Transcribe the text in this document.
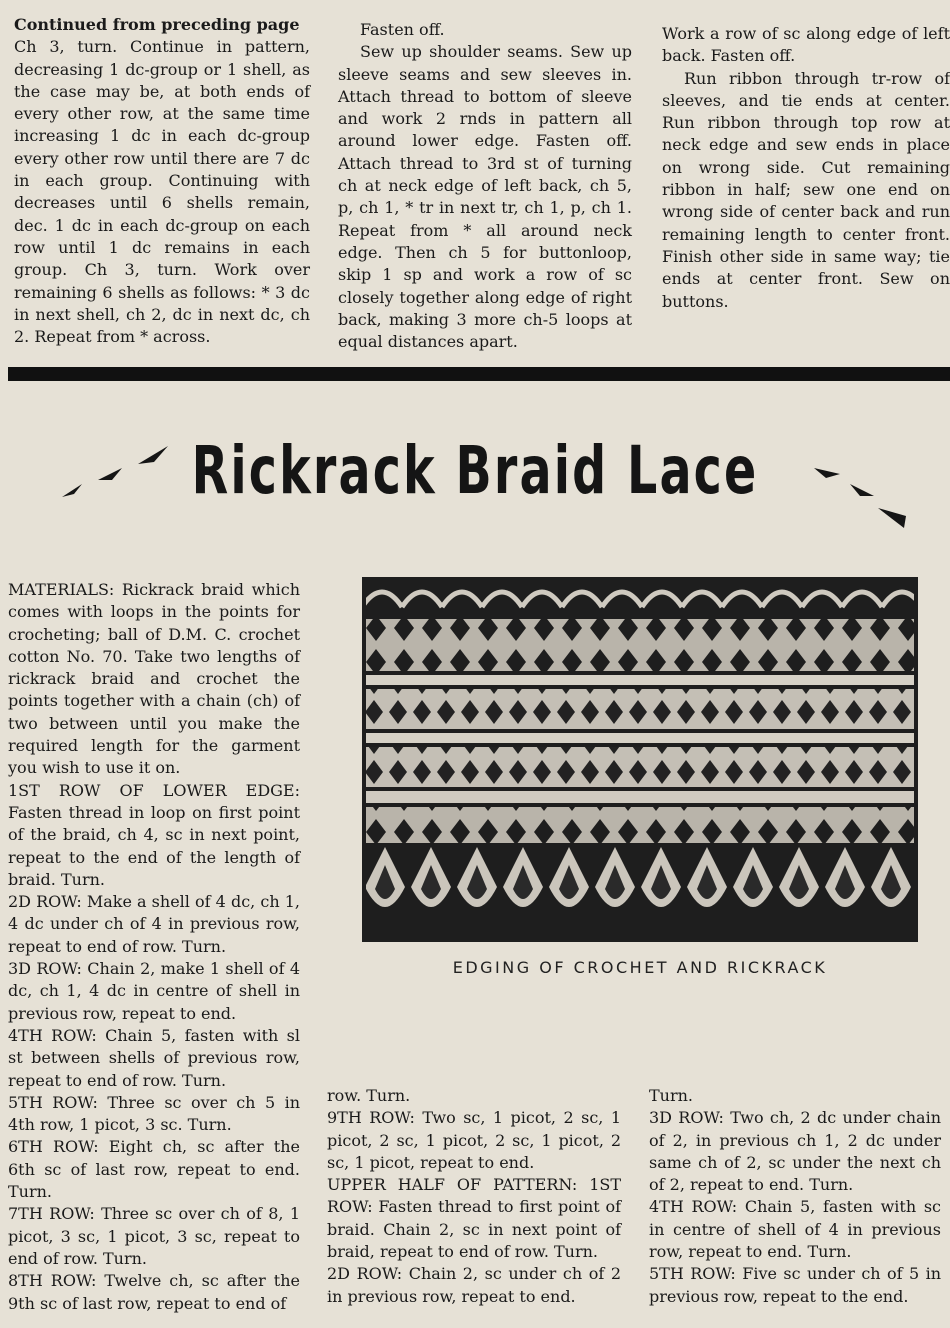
Continued from preceding page

Ch 3, turn. Continue in pattern, decreasing 1 dc-group or 1 shell, as the case may be, at both ends of every other row, at the same time increasing 1 dc in each dc-group every other row until there are 7 dc in each group. Continuing with decreases until 6 shells remain, dec. 1 dc in each dc-group on each row until 1 dc remains in each group. Ch 3, turn. Work over remaining 6 shells as follows: * 3 dc in next shell, ch 2, dc in next dc, ch 2. Repeat from * across.

Fasten off.

Sew up shoulder seams. Sew up sleeve seams and sew sleeves in. Attach thread to bottom of sleeve and work 2 rnds in pattern all around lower edge. Fasten off. Attach thread to 3rd st of turning ch at neck edge of left back, ch 5, p, ch 1, * tr in next tr, ch 1, p, ch 1. Repeat from * all around neck edge. Then ch 5 for buttonloop, skip 1 sp and work a row of sc closely together along edge of right back, making 3 more ch-5 loops at equal distances apart.

Work a row of sc along edge of left back. Fasten off.

Run ribbon through tr-row of sleeves, and tie ends at center. Run ribbon through top row at neck edge and sew ends in place on wrong side. Cut remaining ribbon in half; sew one end on wrong side of center back and run remaining length to center front. Finish other side in same way; tie ends at center front. Sew on buttons.

Rickrack Braid Lace
EDGING OF CROCHET AND RICKRACK

MATERIALS: Rickrack braid which comes with loops in the points for crocheting; ball of D.M. C. crochet cotton No. 70. Take two lengths of rickrack braid and crochet the points together with a chain (ch) of two between until you make the required length for the garment you wish to use it on.

1ST ROW OF LOWER EDGE: Fasten thread in loop on first point of the braid, ch 4, sc in next point, repeat to the end of the length of braid. Turn.

2D ROW: Make a shell of 4 dc, ch 1, 4 dc under ch of 4 in previous row, repeat to end of row. Turn.

3D ROW: Chain 2, make 1 shell of 4 dc, ch 1, 4 dc in centre of shell in previous row, repeat to end.

4TH ROW: Chain 5, fasten with sl st between shells of previous row, repeat to end of row. Turn.

5TH ROW: Three sc over ch 5 in 4th row, 1 picot, 3 sc. Turn.

6TH ROW: Eight ch, sc after the 6th sc of last row, repeat to end. Turn.

7TH ROW: Three sc over ch of 8, 1 picot, 3 sc, 1 picot, 3 sc, repeat to end of row. Turn.

8TH ROW: Twelve ch, sc after the 9th sc of last row, repeat to end of

row. Turn.

9TH ROW: Two sc, 1 picot, 2 sc, 1 picot, 2 sc, 1 picot, 2 sc, 1 picot, 2 sc, 1 picot, repeat to end.

UPPER HALF OF PATTERN: 1ST ROW: Fasten thread to first point of braid. Chain 2, sc in next point of braid, repeat to end of row. Turn.

2D ROW: Chain 2, sc under ch of 2 in previous row, repeat to end.

Turn.

3D ROW: Two ch, 2 dc under chain of 2, in previous ch 1, 2 dc under same ch of 2, sc under the next ch of 2, repeat to end. Turn.

4TH ROW: Chain 5, fasten with sc in centre of shell of 4 in previous row, repeat to end. Turn.

5TH ROW: Five sc under ch of 5 in previous row, repeat to the end.
